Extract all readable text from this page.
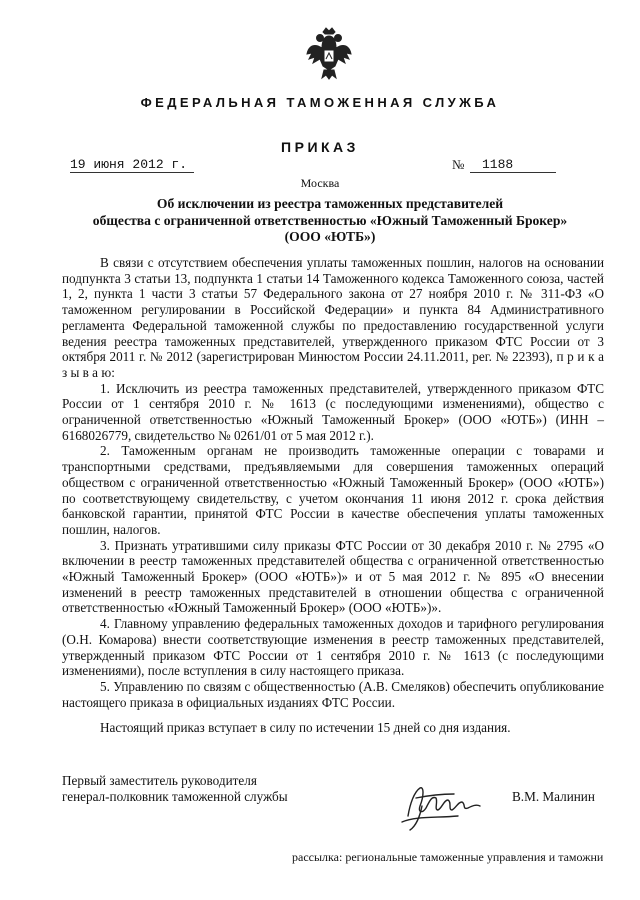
ФЕДЕРАЛЬНАЯ ТАМОЖЕННАЯ СЛУЖБА
ПРИКАЗ
19 июня 2012 г.	№ 1188
Москва
Об исключении из реестра таможенных представителей
общества с ограниченной ответственностью «Южный Таможенный Брокер»
(ООО «ЮТБ»)

В связи с отсутствием обеспечения уплаты таможенных пошлин, налогов на основании подпункта 3 статьи 13, подпункта 1 статьи 14 Таможенного кодекса Таможенного союза, частей 1, 2, пункта 1 части 3 статьи 57 Федерального закона от 27 ноября 2010 г. № 311-ФЗ «О таможенном регулировании в Российской Федерации» и пункта 84 Административного регламента Федеральной таможенной службы по предоставлению государственной услуги ведения реестра таможенных представителей, утвержденного приказом ФТС России от 3 октября 2011 г. № 2012 (зарегистрирован Минюстом России 24.11.2011, рег. № 22393), п р и к а з ы в а ю:

1. Исключить из реестра таможенных представителей, утвержденного приказом ФТС России от 1 сентября 2010 г. № 1613 (с последующими изменениями), общество с ограниченной ответственностью «Южный Таможенный Брокер» (ООО «ЮТБ») (ИНН – 6168026779, свидетельство № 0261/01 от 5 мая 2012 г.).

2. Таможенным органам не производить таможенные операции с товарами и транспортными средствами, предъявляемыми для совершения таможенных операций обществом с ограниченной ответственностью «Южный Таможенный Брокер» (ООО «ЮТБ») по соответствующему свидетельству, с учетом окончания 11 июня 2012 г. срока действия банковской гарантии, принятой ФТС России в качестве обеспечения уплаты таможенных пошлин, налогов.

3. Признать утратившими силу приказы ФТС России от 30 декабря 2010 г. № 2795 «О включении в реестр таможенных представителей общества с ограниченной ответственностью «Южный Таможенный Брокер» (ООО «ЮТБ»)» и от 5 мая 2012 г. № 895 «О внесении изменений в реестр таможенных представителей в отношении общества с ограниченной ответственностью «Южный Таможенный Брокер» (ООО «ЮТБ»)».

4. Главному управлению федеральных таможенных доходов и тарифного регулирования (О.Н. Комарова) внести соответствующие изменения в реестр таможенных представителей, утвержденный приказом ФТС России от 1 сентября 2010 г. № 1613 (с последующими изменениями), после вступления в силу настоящего приказа.

5. Управлению по связям с общественностью (А.В. Смеляков) обеспечить опубликование настоящего приказа в официальных изданиях ФТС России.

Настоящий приказ вступает в силу по истечении 15 дней со дня издания.

Первый заместитель руководителя
генерал-полковник таможенной службы	В.М. Малинин
рассылка: региональные таможенные управления и таможни
